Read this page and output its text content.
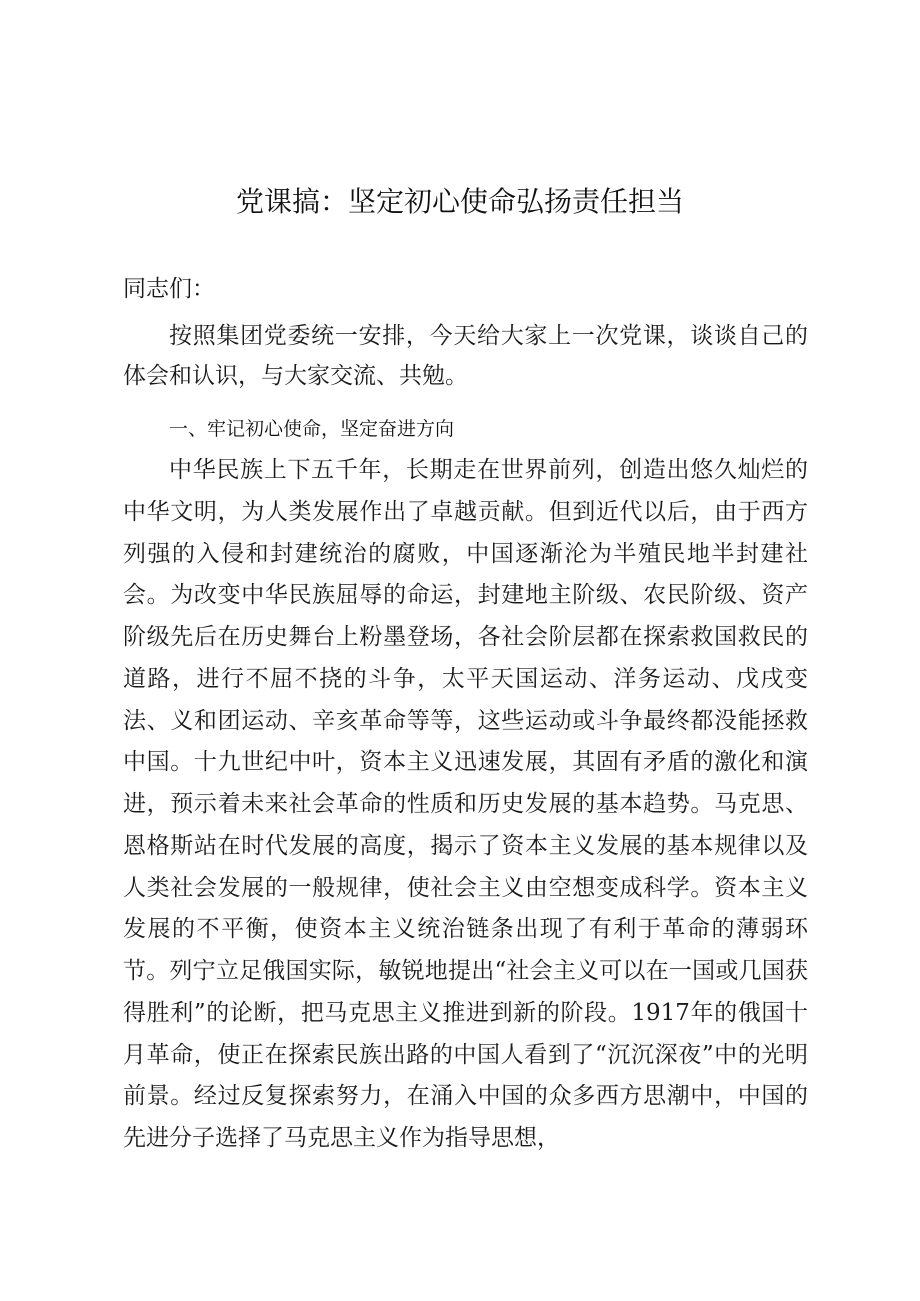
党课搞：坚定初心使命弘扬责任担当
同志们：

按照集团党委统一安排，今天给大家上一次党课，谈谈自己的体会和认识，与大家交流、共勉。

一、牢记初心使命，坚定奋进方向

中华民族上下五千年，长期走在世界前列，创造出悠久灿烂的中华文明，为人类发展作出了卓越贡献。但到近代以后，由于西方列强的入侵和封建统治的腐败，中国逐渐沦为半殖民地半封建社会。为改变中华民族屈辱的命运，封建地主阶级、农民阶级、资产阶级先后在历史舞台上粉墨登场，各社会阶层都在探索救国救民的道路，进行不屈不挠的斗争，太平天国运动、洋务运动、戊戌变法、义和团运动、辛亥革命等等，这些运动或斗争最终都没能拯救中国。十九世纪中叶，资本主义迅速发展，其固有矛盾的激化和演进，预示着未来社会革命的性质和历史发展的基本趋势。马克思、恩格斯站在时代发展的高度，揭示了资本主义发展的基本规律以及人类社会发展的一般规律，使社会主义由空想变成科学。资本主义发展的不平衡，使资本主义统治链条出现了有利于革命的薄弱环节。列宁立足俄国实际，敏锐地提出“社会主义可以在一国或几国获得胜利”的论断，把马克思主义推进到新的阶段。1917年的俄国十月革命，使正在探索民族出路的中国人看到了“沉沉深夜”中的光明前景。经过反复探索努力，在涌入中国的众多西方思潮中，中国的先进分子选择了马克思主义作为指导思想，
